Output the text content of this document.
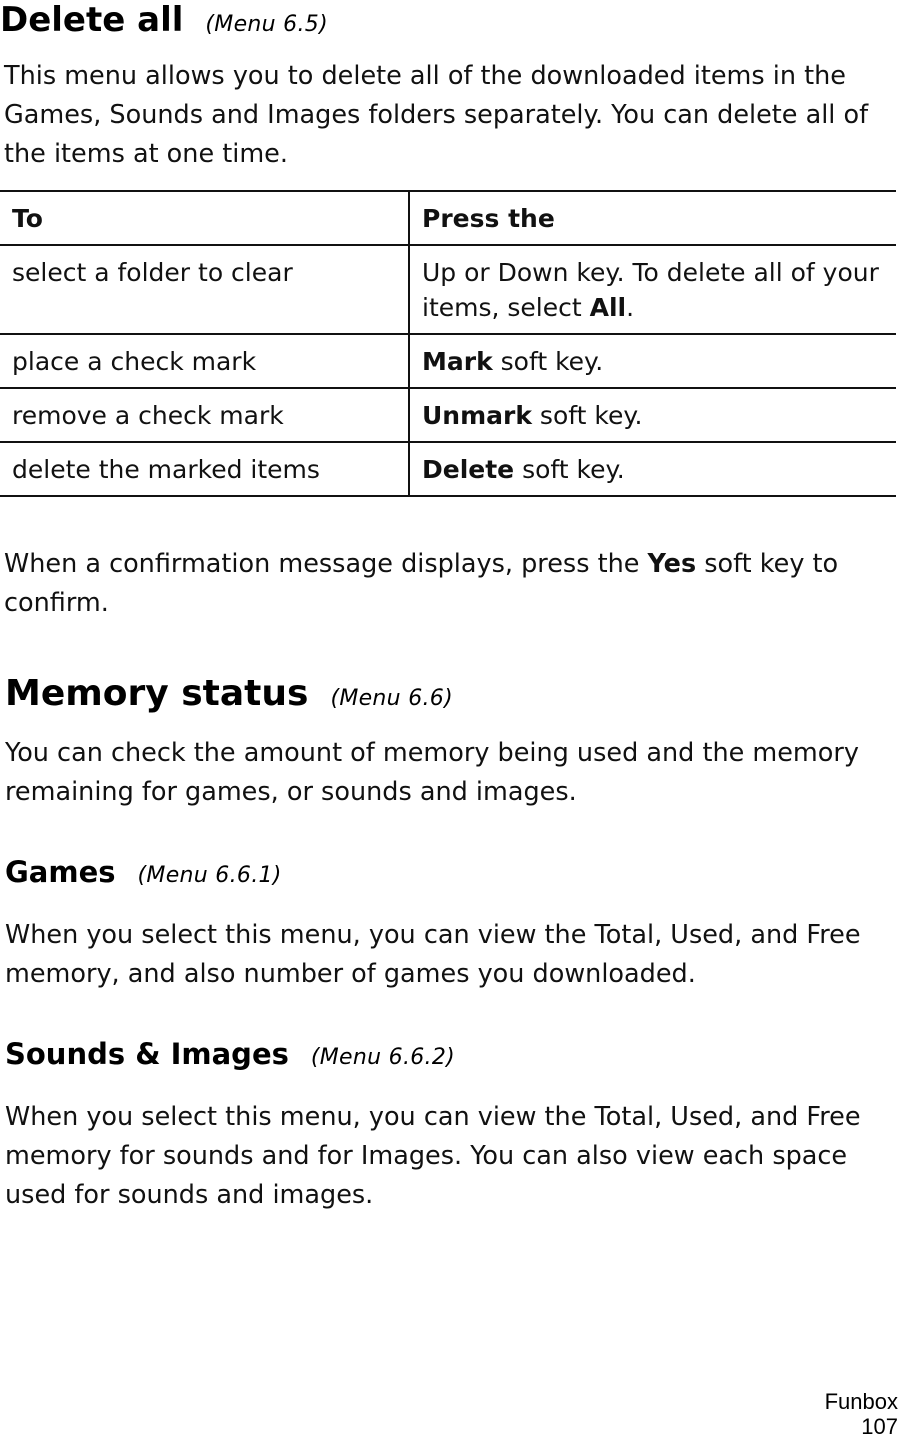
Delete all (Menu 6.5)

This menu allows you to delete all of the downloaded items in the Games, Sounds and Images folders separately. You can delete all of the items at one time.

To	Press the
select a folder to clear	Up or Down key. To delete all of your items, select All.
place a check mark	Mark soft key.
remove a check mark	Unmark soft key.
delete the marked items	Delete soft key.

When a confirmation message displays, press the Yes soft key to confirm.

Memory status (Menu 6.6)

You can check the amount of memory being used and the memory remaining for games, or sounds and images.

Games (Menu 6.6.1)

When you select this menu, you can view the Total, Used, and Free memory, and also number of games you downloaded.

Sounds & Images (Menu 6.6.2)

When you select this menu, you can view the Total, Used, and Free memory for sounds and for Images. You can also view each space used for sounds and images.

Funbox
107
